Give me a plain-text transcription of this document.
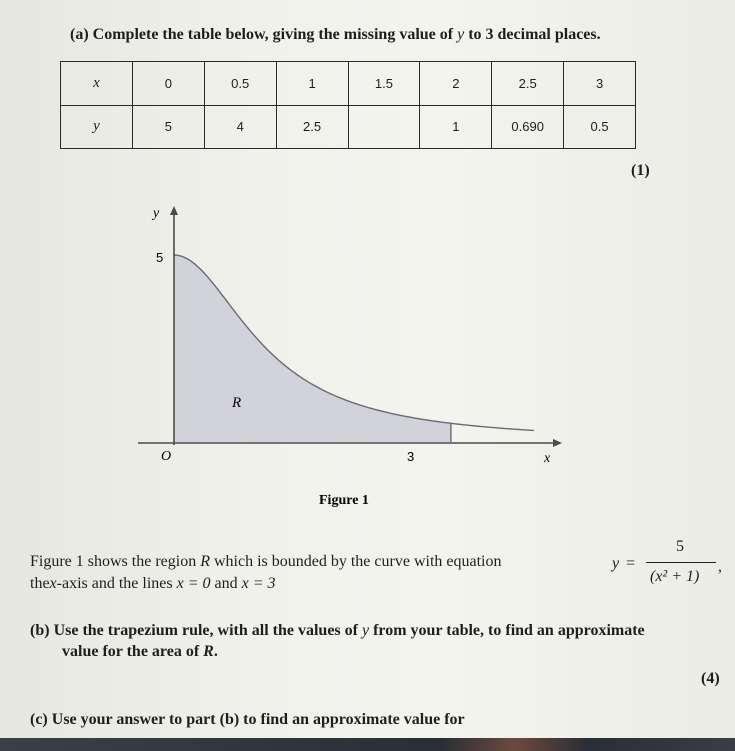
(a) Complete the table below, giving the missing value of y to 3 decimal places.
x	0	0.5	1	1.5	2	2.5	3
y	5	4	2.5		1	0.690	0.5
(1)
y
5
O	3	x
R
Figure 1
Figure 1 shows the region R which is bounded by the curve with equation	y =
5
(x² + 1)
,
the x-axis and the lines x = 0 and x = 3
(b) Use the trapezium rule, with all the values of y from your table, to find an approximate
value for the area of R.
(4)
(c) Use your answer to part (b) to find an approximate value for
